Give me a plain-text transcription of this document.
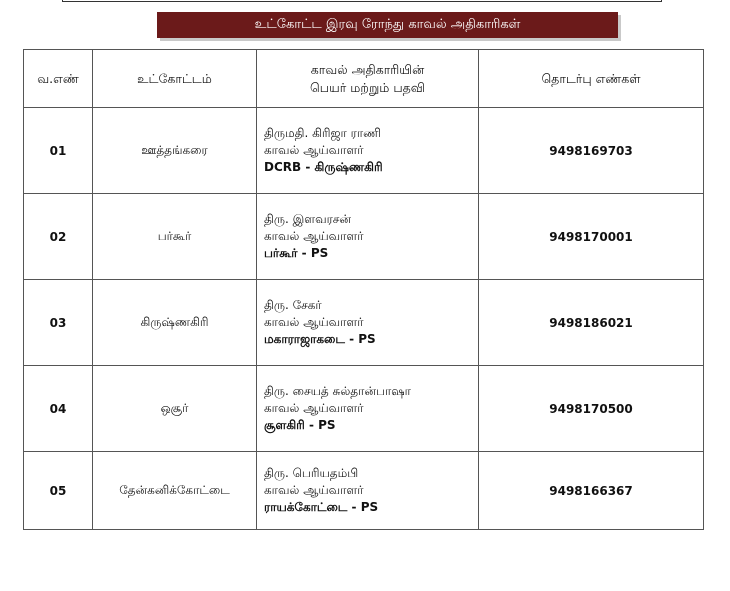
உட்கோட்ட இரவு ரோந்து காவல் அதிகாரிகள்
வ.எண்	உட்கோட்டம்	காவல் அதிகாரியின்
பெயர் மற்றும் பதவி	தொடர்பு எண்கள்
01	ஊத்தங்கரை	திருமதி. கிரிஜா ராணி
காவல் ஆய்வாளர்
DCRB - கிருஷ்ணகிரி	9498169703
02	பர்கூர்	திரு. இளவரசன்
காவல் ஆய்வாளர்
பர்கூர் - PS	9498170001
03	கிருஷ்ணகிரி	திரு. சேகர்
காவல் ஆய்வாளர்
மகாராஜாகடை - PS	9498186021
04	ஒசூர்	திரு. சையத் சுல்தான்பாஷா
காவல் ஆய்வாளர்
சூளகிரி - PS	9498170500
05	தேன்கனிக்கோட்டை	திரு. பெரியதம்பி
காவல் ஆய்வாளர்
ராயக்கோட்டை - PS	9498166367
